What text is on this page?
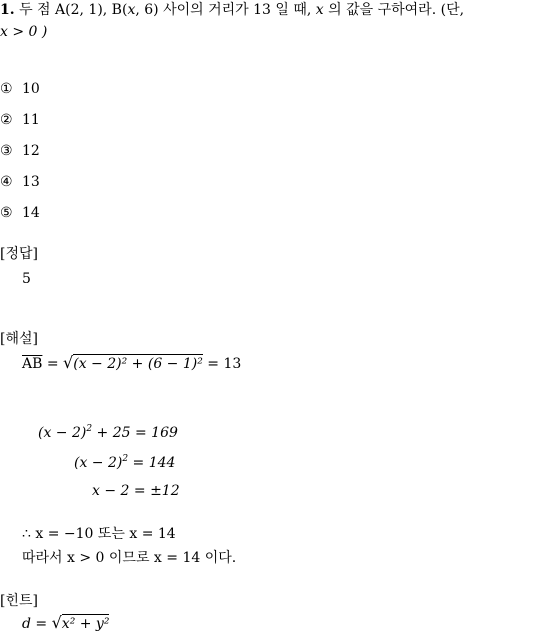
1. 두 점 A(2, 1), B(x, 6) 사이의 거리가 13 일 때, x 의 값을 구하여라. (단,
x > 0 )
① 10
② 11
③ 12
④ 13
⑤ 14
[정답]
5
[해설]
$\overline{AB} = √(x - 2)^2 + (6 - 1)^2 = 13$
$(x - 2)^2 + 25 = 169$
$(x - 2)^2 = 144$
x − 2 = ±12
∴ x = −10 또는 x = 14
따라서 x > 0 이므로 x = 14 이다.
[힌트]
d = √x² + y²
